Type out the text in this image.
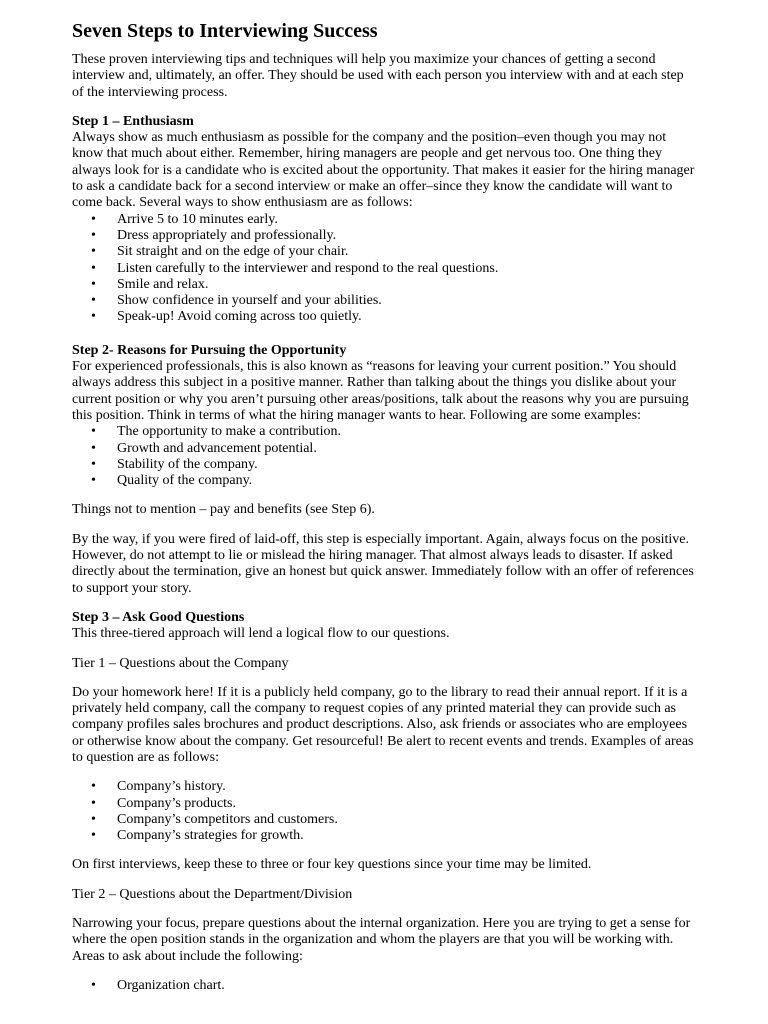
Seven Steps to Interviewing Success

These proven interviewing tips and techniques will help you maximize your chances of getting a second interview and, ultimately, an offer. They should be used with each person you interview with and at each step of the interviewing process.

Step 1 – Enthusiasm

Always show as much enthusiasm as possible for the company and the position–even though you may not know that much about either. Remember, hiring managers are people and get nervous too. One thing they always look for is a candidate who is excited about the opportunity. That makes it easier for the hiring manager to ask a candidate back for a second interview or make an offer–since they know the candidate will want to come back. Several ways to show enthusiasm are as follows:

• Arrive 5 to 10 minutes early.
• Dress appropriately and professionally.
• Sit straight and on the edge of your chair.
• Listen carefully to the interviewer and respond to the real questions.
• Smile and relax.
• Show confidence in yourself and your abilities.
• Speak-up! Avoid coming across too quietly.

Step 2- Reasons for Pursuing the Opportunity

For experienced professionals, this is also known as “reasons for leaving your current position.” You should always address this subject in a positive manner. Rather than talking about the things you dislike about your current position or why you aren’t pursuing other areas/positions, talk about the reasons why you are pursuing this position. Think in terms of what the hiring manager wants to hear. Following are some examples:

• The opportunity to make a contribution.
• Growth and advancement potential.
• Stability of the company.
• Quality of the company.

Things not to mention – pay and benefits (see Step 6).

By the way, if you were fired of laid-off, this step is especially important. Again, always focus on the positive. However, do not attempt to lie or mislead the hiring manager. That almost always leads to disaster. If asked directly about the termination, give an honest but quick answer. Immediately follow with an offer of references to support your story.

Step 3 – Ask Good Questions

This three-tiered approach will lend a logical flow to our questions.

Tier 1 – Questions about the Company

Do your homework here! If it is a publicly held company, go to the library to read their annual report. If it is a privately held company, call the company to request copies of any printed material they can provide such as company profiles sales brochures and product descriptions. Also, ask friends or associates who are employees or otherwise know about the company. Get resourceful! Be alert to recent events and trends. Examples of areas to question are as follows:

• Company’s history.
• Company’s products.
• Company’s competitors and customers.
• Company’s strategies for growth.

On first interviews, keep these to three or four key questions since your time may be limited.

Tier 2 – Questions about the Department/Division

Narrowing your focus, prepare questions about the internal organization. Here you are trying to get a sense for where the open position stands in the organization and whom the players are that you will be working with. Areas to ask about include the following:

• Organization chart.
